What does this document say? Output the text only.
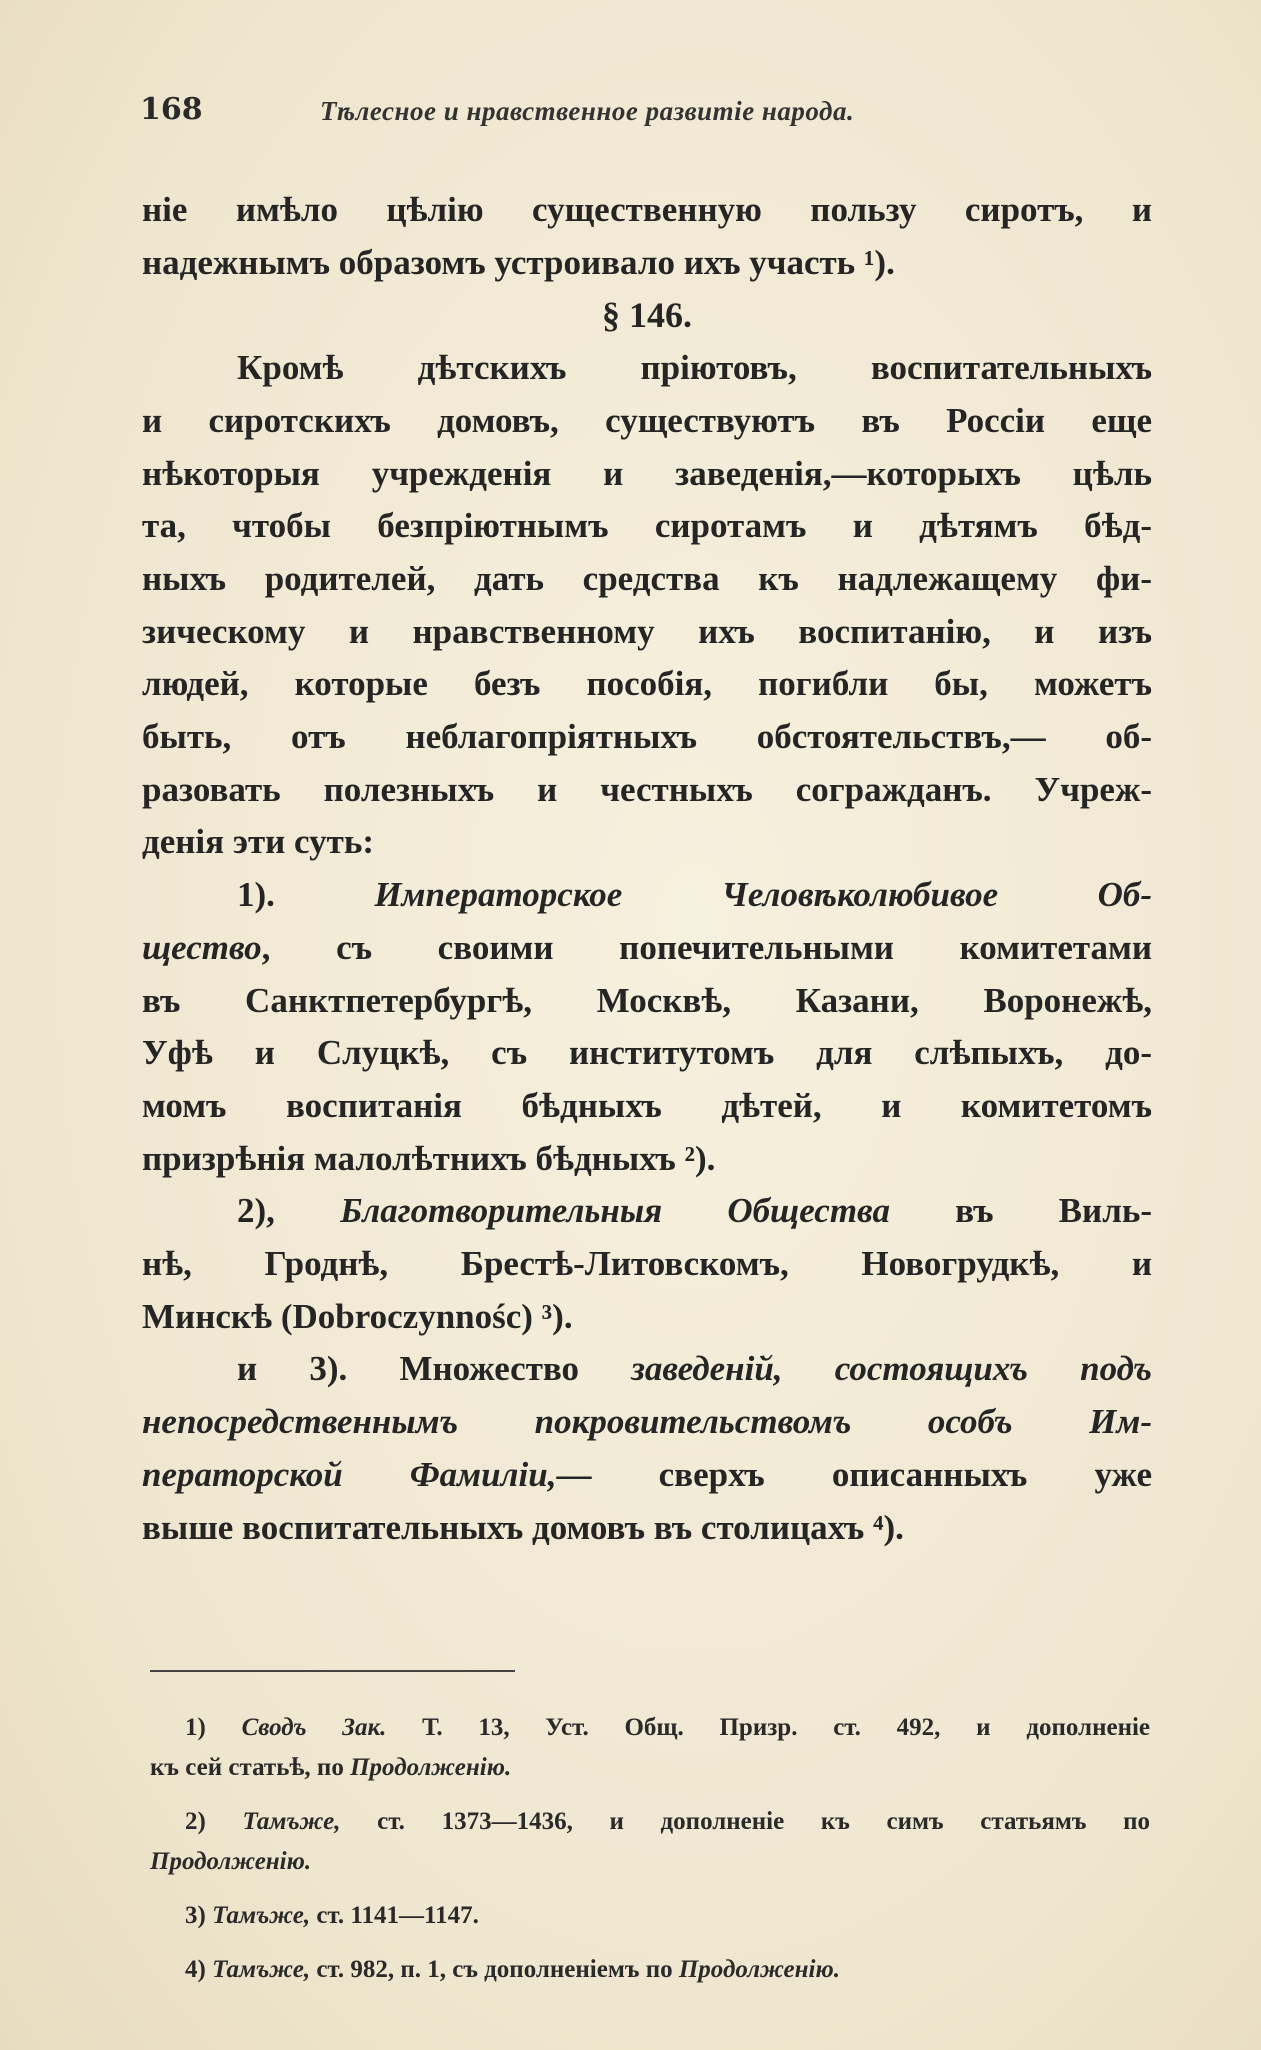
168	Тѣлесное и нравственное развитіе народа.
ніе имѣло цѣлію существенную пользу сиротъ, и
надежнымъ образомъ устроивало ихъ участь ¹).
§ 146.
Кромѣ дѣтскихъ пріютовъ, воспитательныхъ
и сиротскихъ домовъ, существуютъ въ Россіи еще
нѣкоторыя учрежденія и заведенія,—которыхъ цѣль
та, чтобы безпріютнымъ сиротамъ и дѣтямъ бѣд-
ныхъ родителей, дать средства къ надлежащему фи-
зическому и нравственному ихъ воспитанію, и изъ
людей, которые безъ пособія, погибли бы, можетъ
быть, отъ неблагопріятныхъ обстоятельствъ,— об-
разовать полезныхъ и честныхъ согражданъ. Учреж-
денія эти суть:
1).	Императорское Человѣколюбивое Об-
щество, съ своими попечительными комитетами
въ Санктпетербургѣ, Москвѣ, Казани, Воронежѣ,
Уфѣ и Слуцкѣ, съ институтомъ для слѣпыхъ, до-
момъ воспитанія бѣдныхъ дѣтей, и комитетомъ
призрѣнія малолѣтнихъ бѣдныхъ ²).
2), Благотворительныя Общества въ Виль-
нѣ, Гроднѣ, Брестѣ-Литовскомъ, Новогрудкѣ, и
Минскѣ (Dobroczynnośc) ³).
и 3). Множество заведеній, состоящихъ подъ
непосредственнымъ покровительствомъ особъ Им-
ператорской Фамиліи,— сверхъ описанныхъ уже
выше воспитательныхъ домовъ въ столицахъ ⁴).
1) Сводъ Зак. Т. 13, Уст. Общ. Призр. ст. 492, и дополненіе
къ сей статьѣ, по Продолженію.
2) Тамъже, ст. 1373—1436, и дополненіе къ симъ статьямъ по
Продолженію.
3) Тамъже, ст. 1141—1147.
4) Тамъже, ст. 982, п. 1, съ дополненіемъ по Продолженію.
